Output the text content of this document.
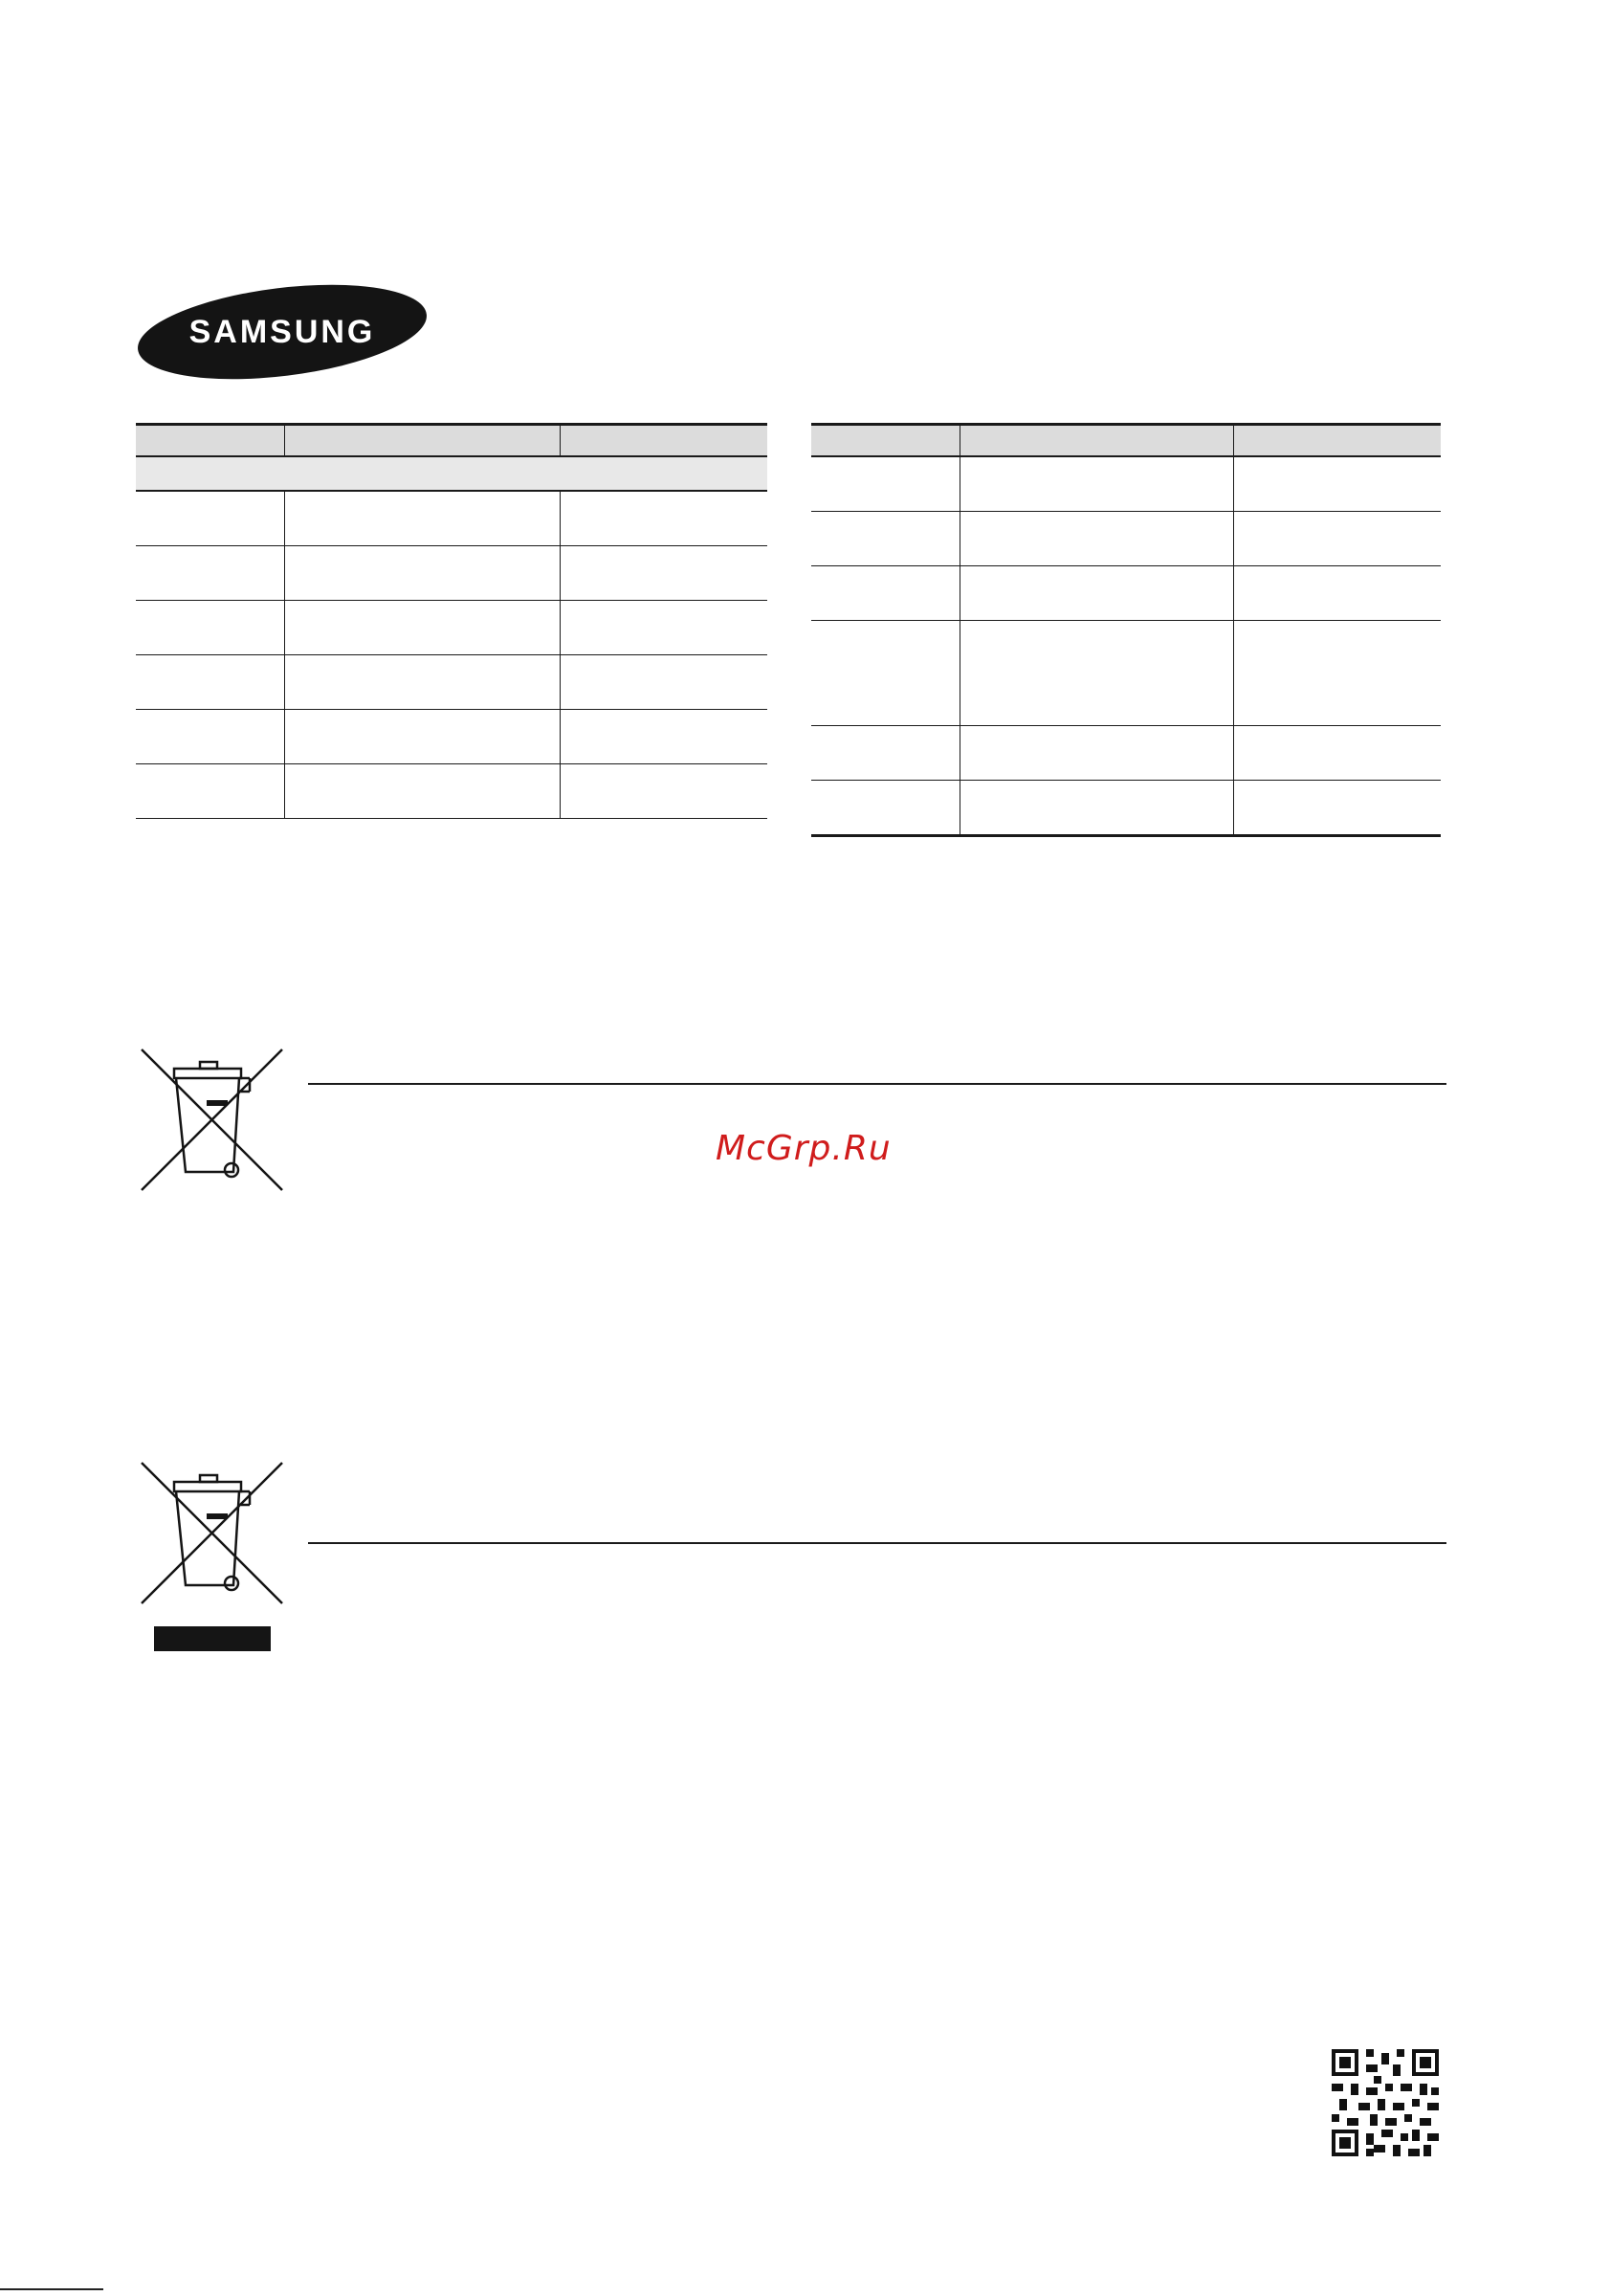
SAMSUNG
McGrp.Ru
